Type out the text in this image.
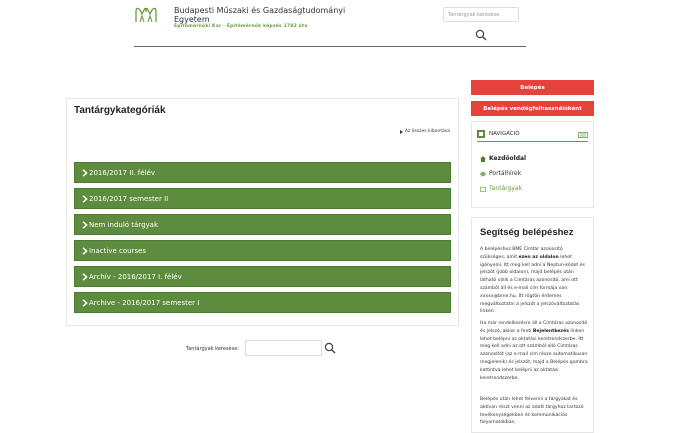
Budapesti Műszaki és Gazdaságtudományi Egyetem
Építőmérnöki Kar · Építőmérnök képzés 1782 óta
Tantárgyak keresése
Tantárgykategóriák
Az összes kibontása
2016/2017 II. félév
2016/2017 semester II
Nem induló tárgyak
Inactive courses
Archív - 2016/2017 I. félév
Archive - 2016/2017 semester I
Tantárgyak keresése:
Belépés
Belépés vendégfelhasználóként
NAVIGÁCIÓ
Kezdőoldal
Portálhírek
Tantárgyak
Segítség belépéshez
A belépéshez BME Címtár azonosító szükséges, amit ezen az oldalon lehet igényelni. Itt meg kell adni a Neptun-kódot és jelszót (jobb oldalon), majd belépés után látható válik a Címtáras azonosító, ami ott számból áll és e-mail cím formája van: xxxxx@bme.hu. Itt rögtön érdemes megváltoztatni a jelszót a jelszóváltoztatás linken.
Ha már rendelkezésre áll a Címtáras azonosító és jelszó, akkor a fenti Bejelentkezés linken lehet belépni az oktatási keretrendszerbe. Itt meg kell adni az ott számból álló Címtáras azonosítót (az e-mail cím része automatikusan megjelenik) és jelszót, majd a Belépés gombra kattintva lehet belépni az oktatási keretrendszerbe.
Belépés után lehet felvenni a tárgyakat és aktívan részt venni az adott tárgyhoz tartozó tevékenységekben és kommunikációs folyamatokban.
